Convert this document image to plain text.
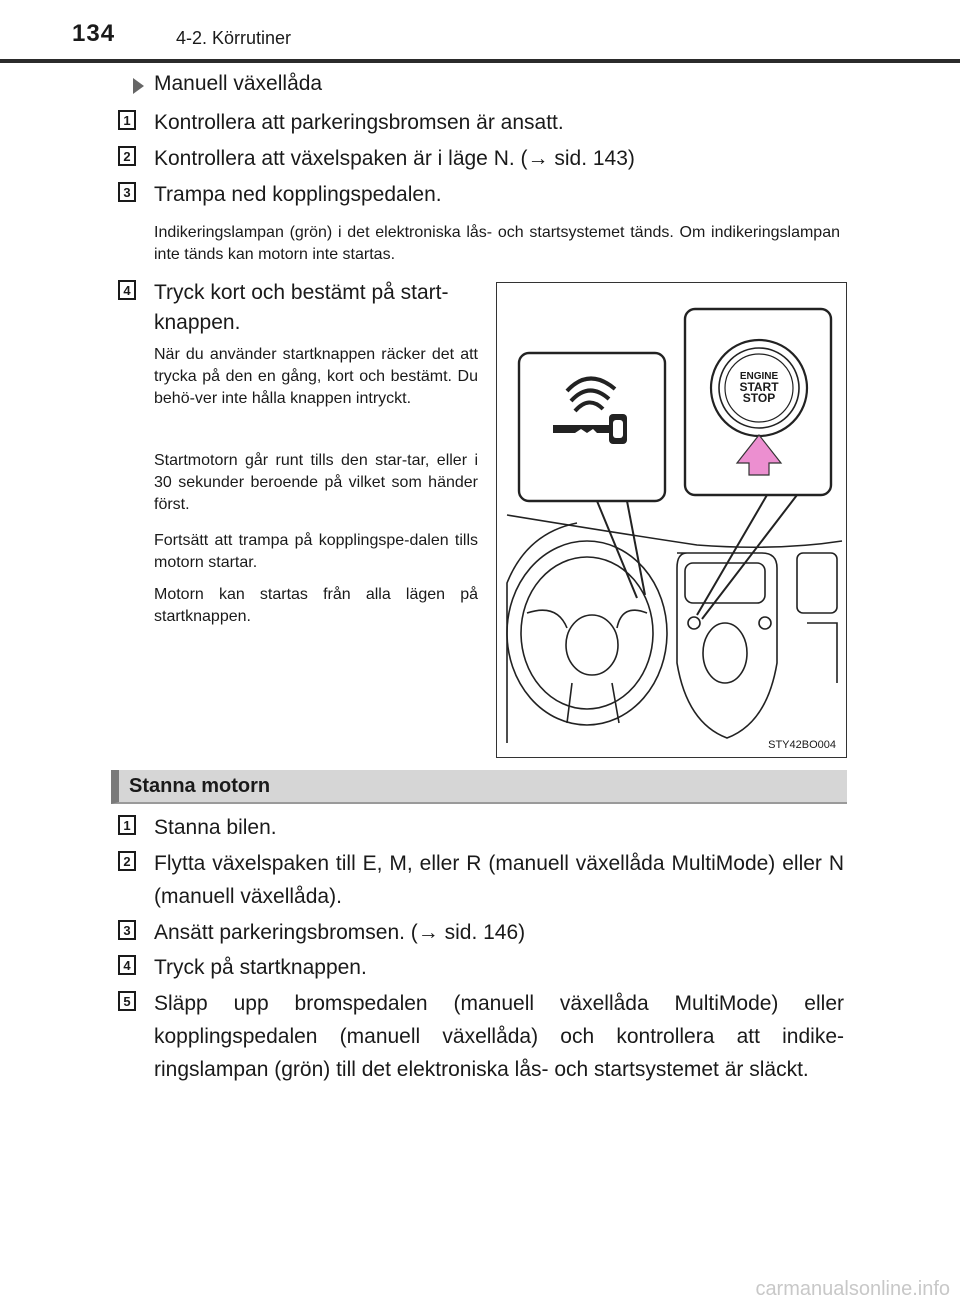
134	4-2. Körrutiner
Manuell växellåda
1 Kontrollera att parkeringsbromsen är ansatt.
2 Kontrollera att växelspaken är i läge N. (→ sid. 143)
3 Trampa ned kopplingspedalen.
Indikeringslampan (grön) i det elektroniska lås- och startsystemet tänds. Om indikeringslampan inte tänds kan motorn inte startas.
4 Tryck kort och bestämt på start-
knappen.
När du använder startknappen räcker det att trycka på den en gång, kort och bestämt. Du behö-ver inte hålla knappen intryckt.
Startmotorn går runt tills den star-tar, eller i 30 sekunder beroende på vilket som händer först.
Fortsätt att trampa på kopplingspe-dalen tills motorn startar.
Motorn kan startas från alla lägen på startknappen.
ENGINE
START
STOP
STY42BO004
Stanna motorn
1 Stanna bilen.
2 Flytta växelspaken till E, M, eller R (manuell växellåda MultiMode) eller N (manuell växellåda).
3 Ansätt parkeringsbromsen. (→ sid. 146)
4 Tryck på startknappen.
5 Släpp upp bromspedalen (manuell växellåda MultiMode) eller kopplingspedalen (manuell växellåda) och kontrollera att indike-ringslampan (grön) till det elektroniska lås- och startsystemet är släckt.
carmanualsonline.info
